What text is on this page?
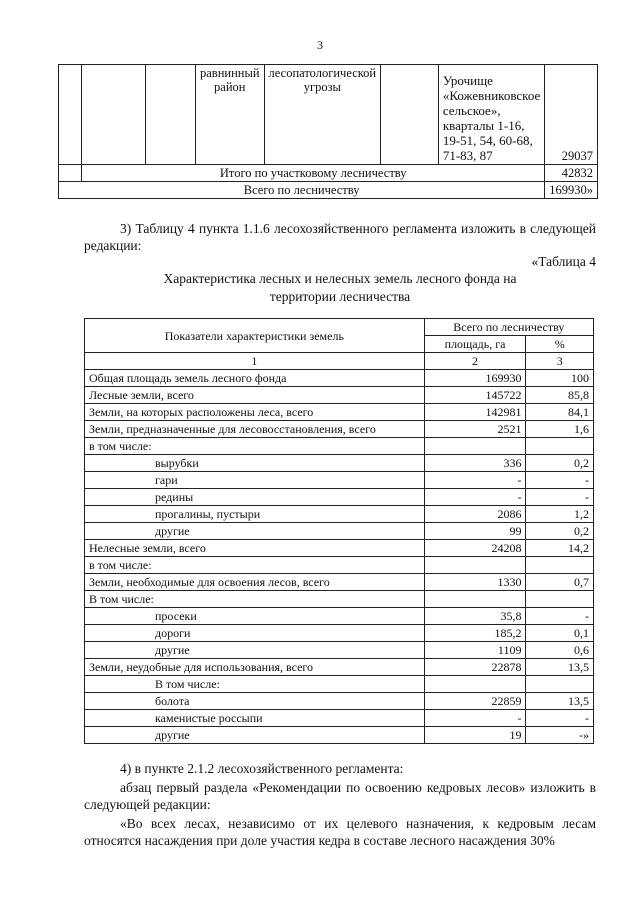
3
			равнинный район	лесопатологической угрозы		Урочище «Кожевниковское сельское», кварталы 1-16, 19-51, 54, 60-68, 71-83, 87	29037
	Итого по участковому лесничеству						42832
Всего по лесничеству							169930»
3) Таблицу 4 пункта 1.1.6 лесохозяйственного регламента изложить в следующей редакции:
«Таблица 4
Характеристика лесных и нелесных земель лесного фонда на территории лесничества
Показатели характеристики земель	Всего по лесничеству	
	площадь, га	%
1	2	3
Общая площадь земель лесного фонда	169930	100
Лесные земли, всего	145722	85,8
Земли, на которых расположены леса, всего	142981	84,1
Земли, предназначенные для лесовосстановления, всего	2521	1,6
в том числе:		
вырубки	336	0,2
гари	-	-
редины	-	-
прогалины, пустыри	2086	1,2
другие	99	0,2
Нелесные земли, всего	24208	14,2
в том числе:		
Земли, необходимые для освоения лесов, всего	1330	0,7
В том числе:		
просеки	35,8	-
дороги	185,2	0,1
другие	1109	0,6
Земли, неудобные для использования, всего	22878	13,5
В том числе:		
болота	22859	13,5
каменистые россыпи	-	-
другие	19	-»
4) в пункте 2.1.2 лесохозяйственного регламента:
абзац первый раздела «Рекомендации по освоению кедровых лесов» изложить в следующей редакции:
«Во всех лесах, независимо от их целевого назначения, к кедровым лесам относятся насаждения при доле участия кедра в составе лесного насаждения 30%
